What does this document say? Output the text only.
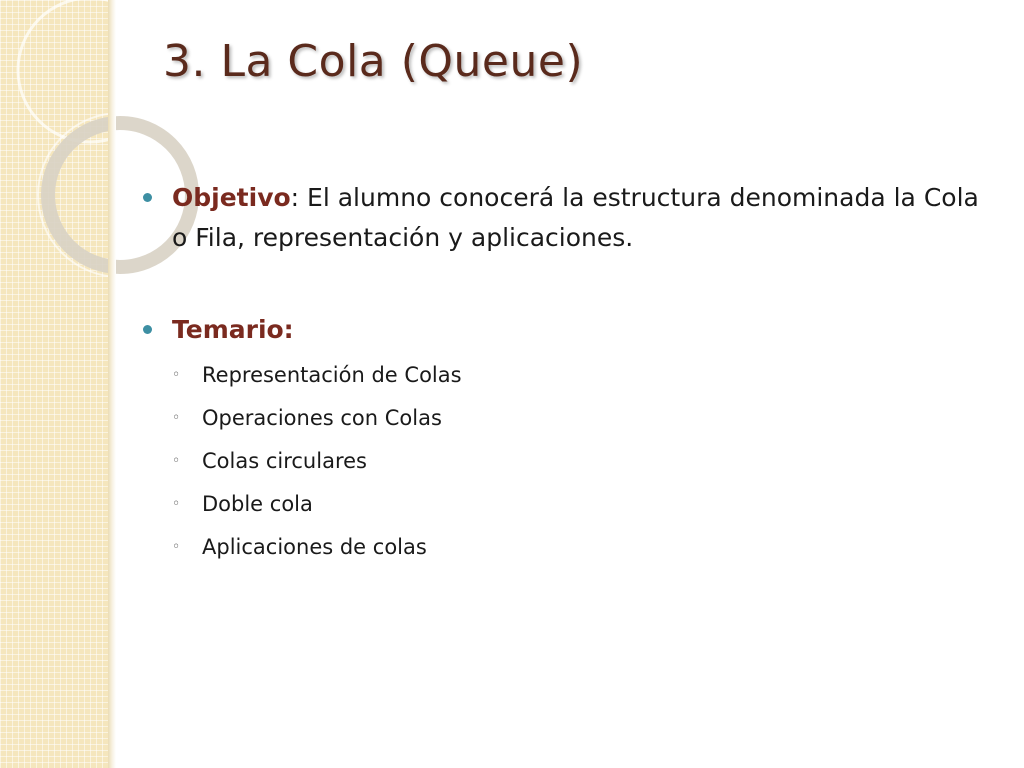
3. La Cola (Queue)
Objetivo: El alumno conocerá la estructura denominada la Cola o Fila, representación y aplicaciones.
Temario:
◦ Representación de Colas
◦ Operaciones con Colas
◦ Colas circulares
◦ Doble cola
◦ Aplicaciones de colas
